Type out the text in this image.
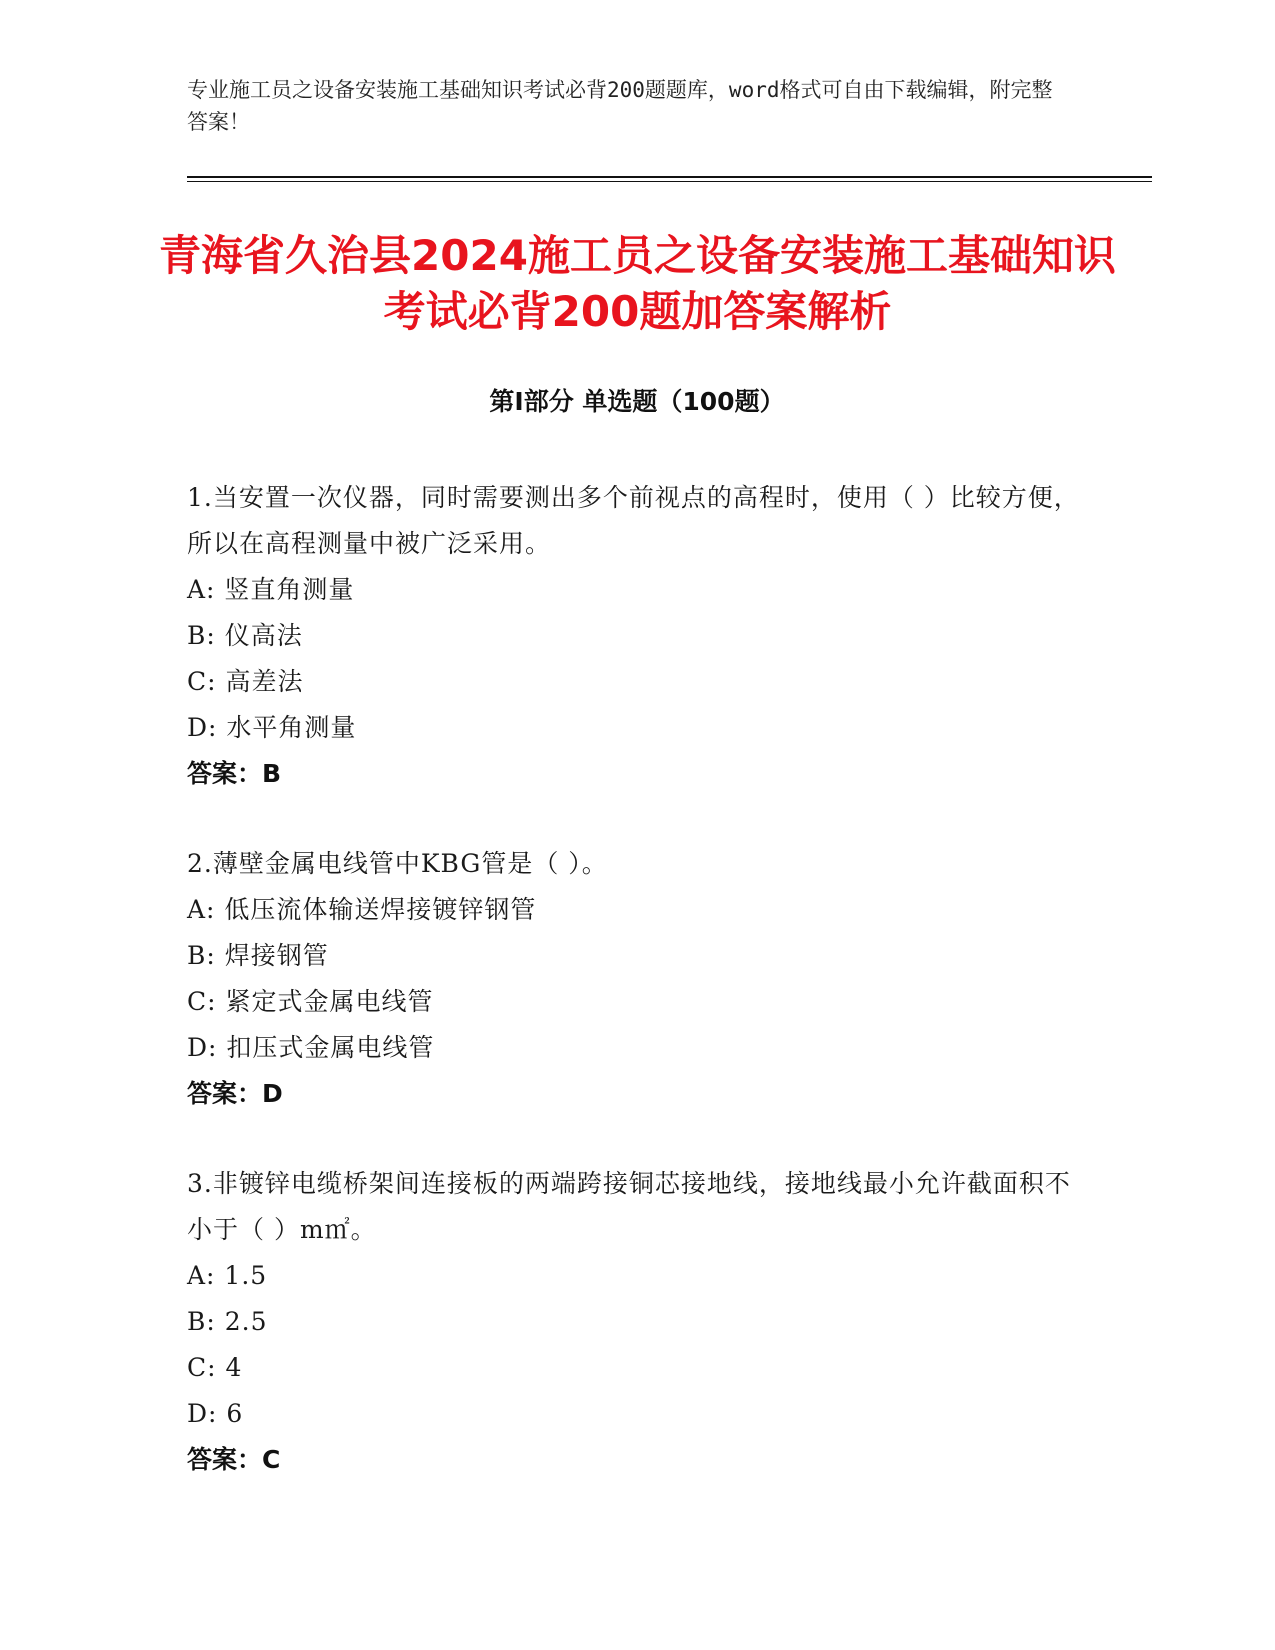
专业施工员之设备安装施工基础知识考试必背200题题库，word格式可自由下载编辑，附完整答案！
青海省久治县2024施工员之设备安装施工基础知识考试必背200题加答案解析
第Ⅰ部分 单选题（100题）

1.当安置一次仪器，同时需要测出多个前视点的高程时，使用（ ）比较方便，所以在高程测量中被广泛采用。

A: 竖直角测量

B: 仪高法

C: 高差法

D: 水平角测量

答案：B

2.薄壁金属电线管中KBG管是（ ）。

A: 低压流体输送焊接镀锌钢管

B: 焊接钢管

C: 紧定式金属电线管

D: 扣压式金属电线管

答案：D

3.非镀锌电缆桥架间连接板的两端跨接铜芯接地线，接地线最小允许截面积不小于（ ）m㎡。

A: 1.5

B: 2.5

C: 4

D: 6

答案：C
